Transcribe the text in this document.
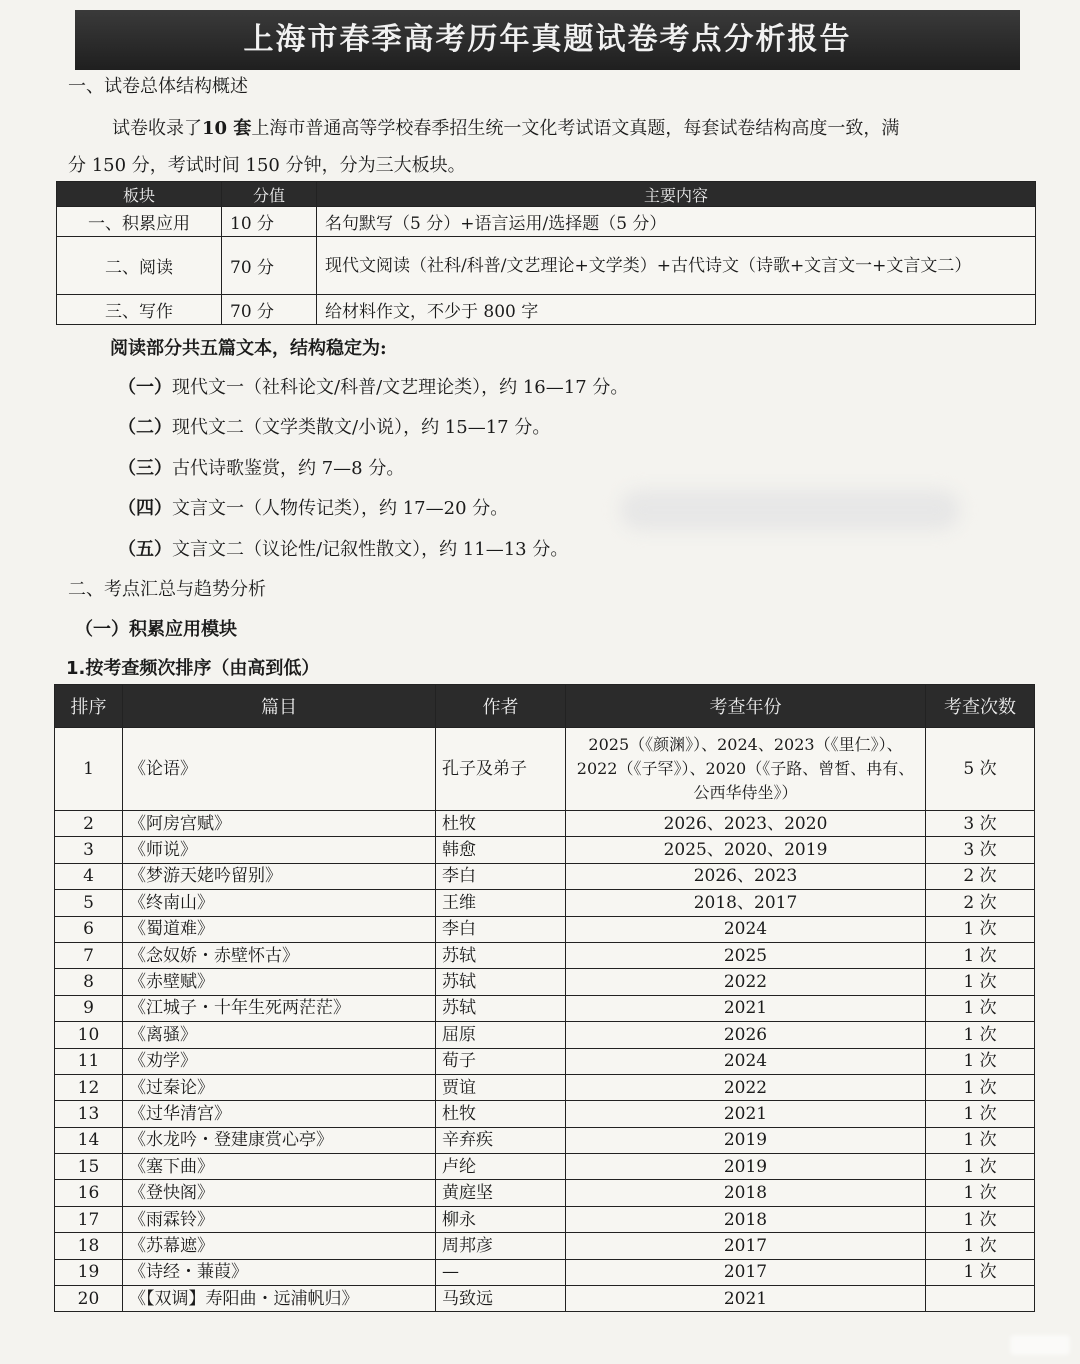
上海市春季高考历年真题试卷考点分析报告
一、试卷总体结构概述
试卷收录了10 套上海市普通高等学校春季招生统一文化考试语文真题，每套试卷结构高度一致，满
分 150 分，考试时间 150 分钟，分为三大板块。
板块	分值	主要内容
一、积累应用	10 分	名句默写（5 分）+语言运用/选择题（5 分）
二、阅读	70 分	现代文阅读（社科/科普/文艺理论+文学类）+古代诗文（诗歌+文言文一+文言文二）
三、写作	70 分	给材料作文，不少于 800 字
阅读部分共五篇文本，结构稳定为:
（一）现代文一（社科论文/科普/文艺理论类），约 16—17 分。
（二）现代文二（文学类散文/小说），约 15—17 分。
（三）古代诗歌鉴赏，约 7—8 分。
（四）文言文一（人物传记类），约 17—20 分。
（五）文言文二（议论性/记叙性散文），约 11—13 分。
二、考点汇总与趋势分析
（一）积累应用模块
1.按考查频次排序（由高到低）
排序	篇目	作者	考查年份	考查次数
1	《论语》	孔子及弟子	2025（《颜渊》）、2024、2023（《里仁》）、2022（《子罕》）、2020（《子路、曾皙、冉有、公西华侍坐》）	5 次
2	《阿房宫赋》	杜牧	2026、2023、2020	3 次
3	《师说》	韩愈	2025、2020、2019	3 次
4	《梦游天姥吟留别》	李白	2026、2023	2 次
5	《终南山》	王维	2018、2017	2 次
6	《蜀道难》	李白	2024	1 次
7	《念奴娇・赤壁怀古》	苏轼	2025	1 次
8	《赤壁赋》	苏轼	2022	1 次
9	《江城子・十年生死两茫茫》	苏轼	2021	1 次
10	《离骚》	屈原	2026	1 次
11	《劝学》	荀子	2024	1 次
12	《过秦论》	贾谊	2022	1 次
13	《过华清宫》	杜牧	2021	1 次
14	《水龙吟・登建康赏心亭》	辛弃疾	2019	1 次
15	《塞下曲》	卢纶	2019	1 次
16	《登快阁》	黄庭坚	2018	1 次
17	《雨霖铃》	柳永	2018	1 次
18	《苏幕遮》	周邦彦	2017	1 次
19	《诗经・蒹葭》	—	2017	1 次
20	《【双调】寿阳曲・远浦帆归》	马致远	2021	
